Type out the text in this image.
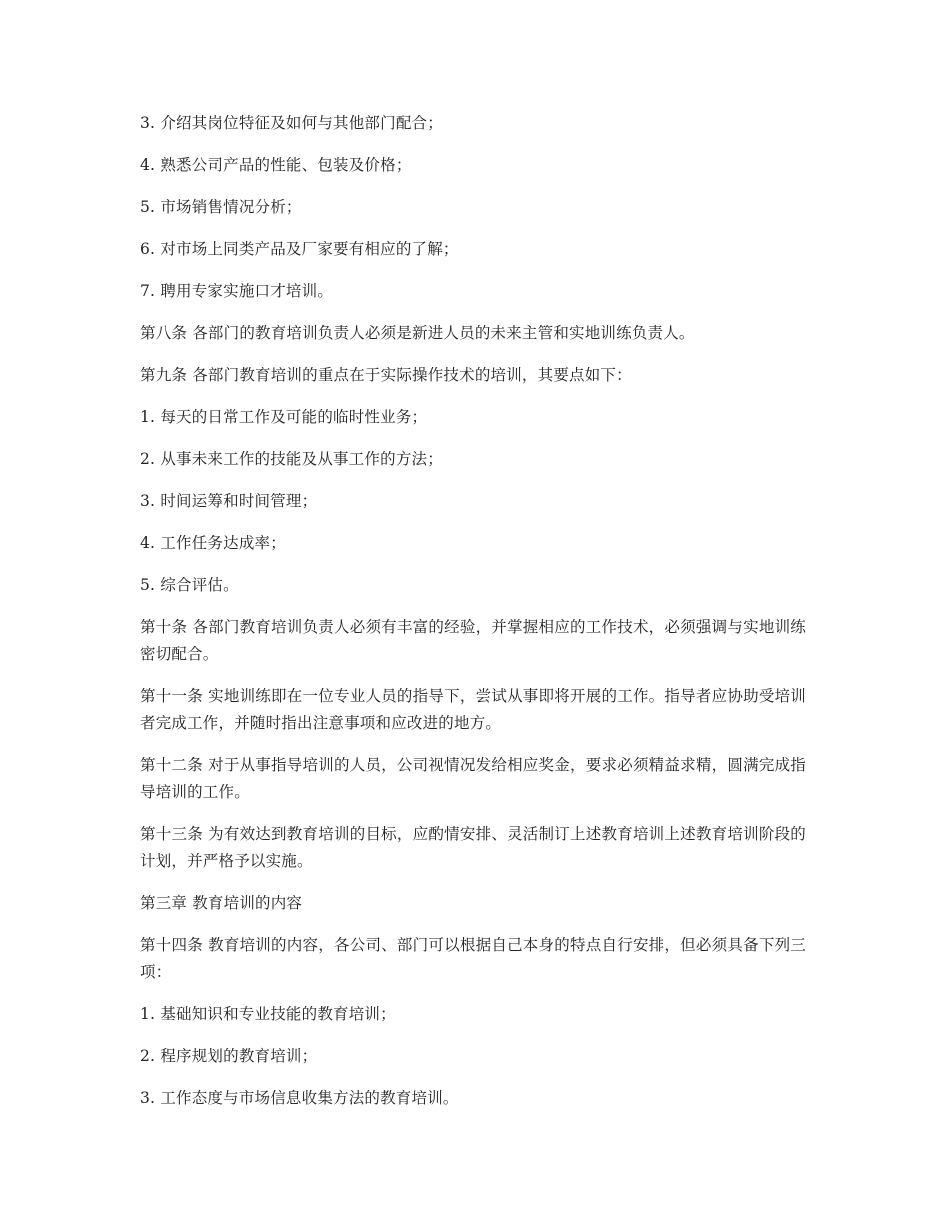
3. 介绍其岗位特征及如何与其他部门配合；

4. 熟悉公司产品的性能、包装及价格；

5. 市场销售情况分析；

6. 对市场上同类产品及厂家要有相应的了解；

7. 聘用专家实施口才培训。

第八条 各部门的教育培训负责人必须是新进人员的未来主管和实地训练负责人。

第九条 各部门教育培训的重点在于实际操作技术的培训，其要点如下：

1. 每天的日常工作及可能的临时性业务；

2. 从事未来工作的技能及从事工作的方法；

3. 时间运筹和时间管理；

4. 工作任务达成率；

5. 综合评估。

第十条 各部门教育培训负责人必须有丰富的经验，并掌握相应的工作技术，必须强调与实地训练密切配合。

第十一条 实地训练即在一位专业人员的指导下，尝试从事即将开展的工作。指导者应协助受培训者完成工作，并随时指出注意事项和应改进的地方。

第十二条 对于从事指导培训的人员，公司视情况发给相应奖金，要求必须精益求精，圆满完成指导培训的工作。

第十三条 为有效达到教育培训的目标，应酌情安排、灵活制订上述教育培训上述教育培训阶段的计划，并严格予以实施。

第三章 教育培训的内容

第十四条 教育培训的内容，各公司、部门可以根据自己本身的特点自行安排，但必须具备下列三项：

1. 基础知识和专业技能的教育培训；

2. 程序规划的教育培训；

3. 工作态度与市场信息收集方法的教育培训。
